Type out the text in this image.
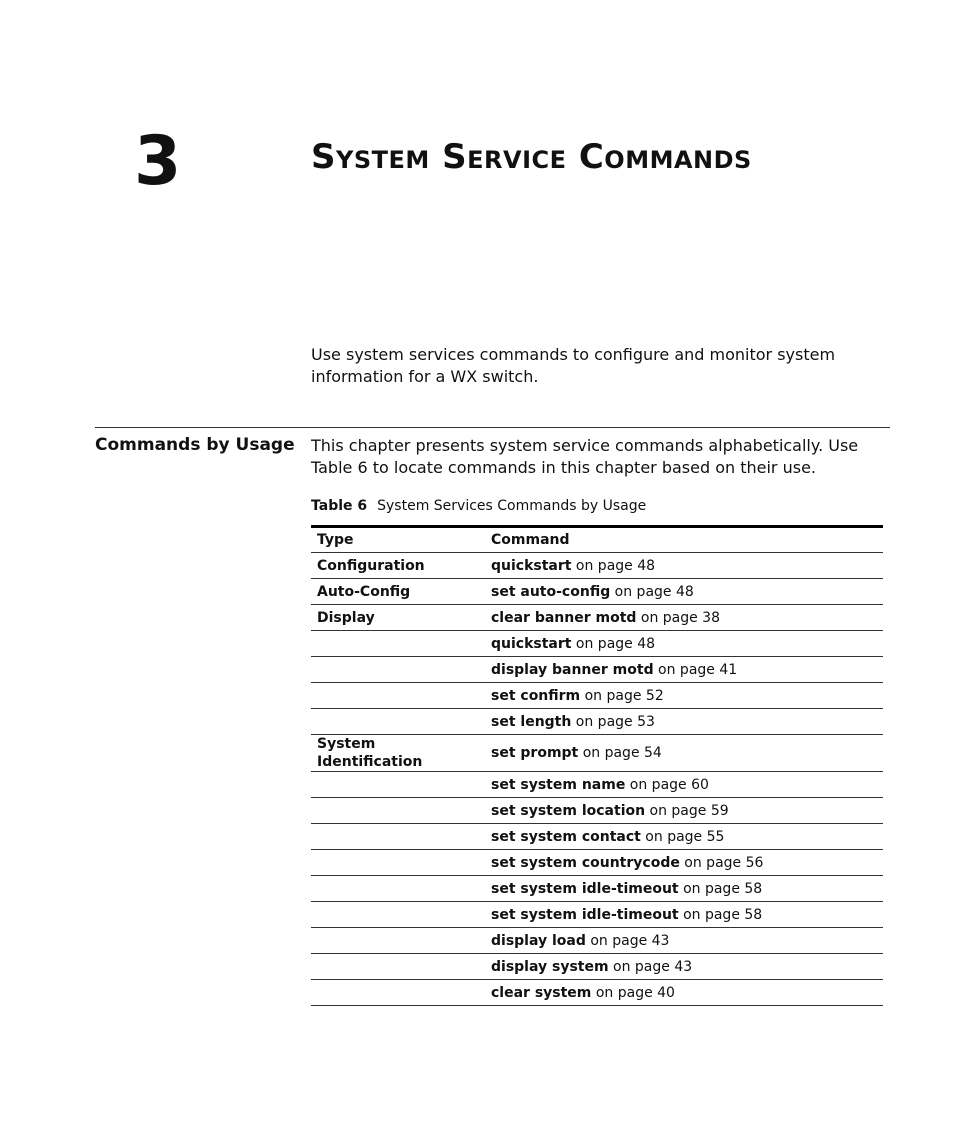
3	System Service Commands

Use system services commands to configure and monitor system information for a WX switch.

Commands by Usage This chapter presents system service commands alphabetically. Use Table 6 to locate commands in this chapter based on their use.

Table 6 System Services Commands by Usage
Type	Command
Configuration	quickstart on page 48
Auto-Config	set auto-config on page 48
Display	clear banner motd on page 38
	quickstart on page 48
	display banner motd on page 41
	set confirm on page 52
	set length on page 53
System Identification	set prompt on page 54
	set system name on page 60
	set system location on page 59
	set system contact on page 55
	set system countrycode on page 56
	set system idle-timeout on page 58
	set system idle-timeout on page 58
	display load on page 43
	display system on page 43
	clear system on page 40
